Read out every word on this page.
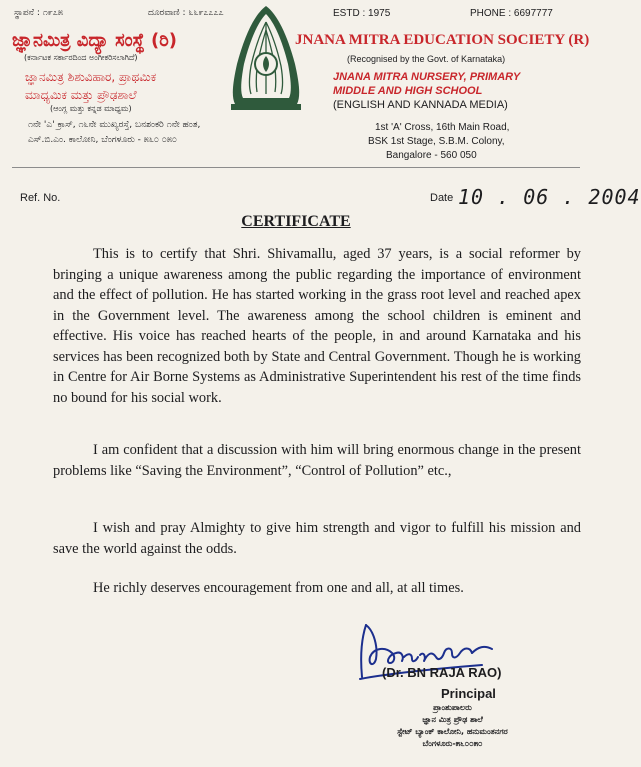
ಸ್ಥಾಪನೆ : ೧೯೭೫	ದೂರವಾಣಿ : ೬೬೯೭೭೭೭
ಜ್ಞಾನಮಿತ್ರ ವಿದ್ಯಾ ಸಂಸ್ಥೆ (ರಿ)
(ಕರ್ನಾಟಕ ಸರ್ಕಾರದಿಂದ ಅಂಗೀಕರಿಸಲಾಗಿದೆ)
ಜ್ಞಾನಮಿತ್ರ ಶಿಶುವಿಹಾರ, ಪ್ರಾಥಮಿಕ
ಮಾಧ್ಯಮಿಕ ಮತ್ತು ಪ್ರೌಢಶಾಲೆ
(ಆಂಗ್ಲ ಮತ್ತು ಕನ್ನಡ ಮಾಧ್ಯಮ)
೧ನೇ 'ಎ' ಕ್ರಾಸ್, ೧೬ನೇ ಮುಖ್ಯರಸ್ತೆ, ಬನಶಂಕರಿ ೧ನೇ ಹಂತ,
ಎಸ್.ಬಿ.ಎಂ. ಕಾಲೋನಿ, ಬೆಂಗಳೂರು - ೫೬೦ ೦೫೦
ESTD : 1975	PHONE : 6697777
JNANA MITRA EDUCATION SOCIETY (R)
(Recognised by the Govt. of Karnataka)
JNANA MITRA NURSERY, PRIMARY
MIDDLE AND HIGH SCHOOL
(ENGLISH AND KANNADA MEDIA)
1st 'A' Cross, 16th Main Road,
BSK 1st Stage, S.B.M. Colony,
Bangalore - 560 050
Ref. No.	Date 10 . 06 . 2004
CERTIFICATE

This is to certify that Shri. Shivamallu, aged 37 years, is a social reformer by bringing a unique awareness among the public regarding the importance of environment and the effect of pollution. He has started working in the grass root level and reached apex in the Government level. The awareness among the school children is eminent and effective. His voice has reached hearts of the people, in and around Karnataka and his services has been recognized both by State and Central Government. Though he is working in Centre for Air Borne Systems as Administrative Superintendent his rest of the time finds no bound for his social work.

I am confident that a discussion with him will bring enormous change in the present problems like “Saving the Environment”, “Control of Pollution” etc.,

I wish and pray Almighty to give him strength and vigor to fulfill his mission and save the world against the odds.

He richly deserves encouragement from one and all, at all times.

(Dr. BN RAJA RAO)
Principal
ಪ್ರಾಂಶುಪಾಲರು
ಜ್ಞಾನ ಮಿತ್ರ ಪ್ರೌಢ ಶಾಲೆ
ಸ್ಟೇಟ್ ಬ್ಯಾಂಕ್ ಕಾಲೋನಿ, ಹನುಮಂತನಗರ
ಬೆಂಗಳೂರು-೫೬೦೦೫೦
